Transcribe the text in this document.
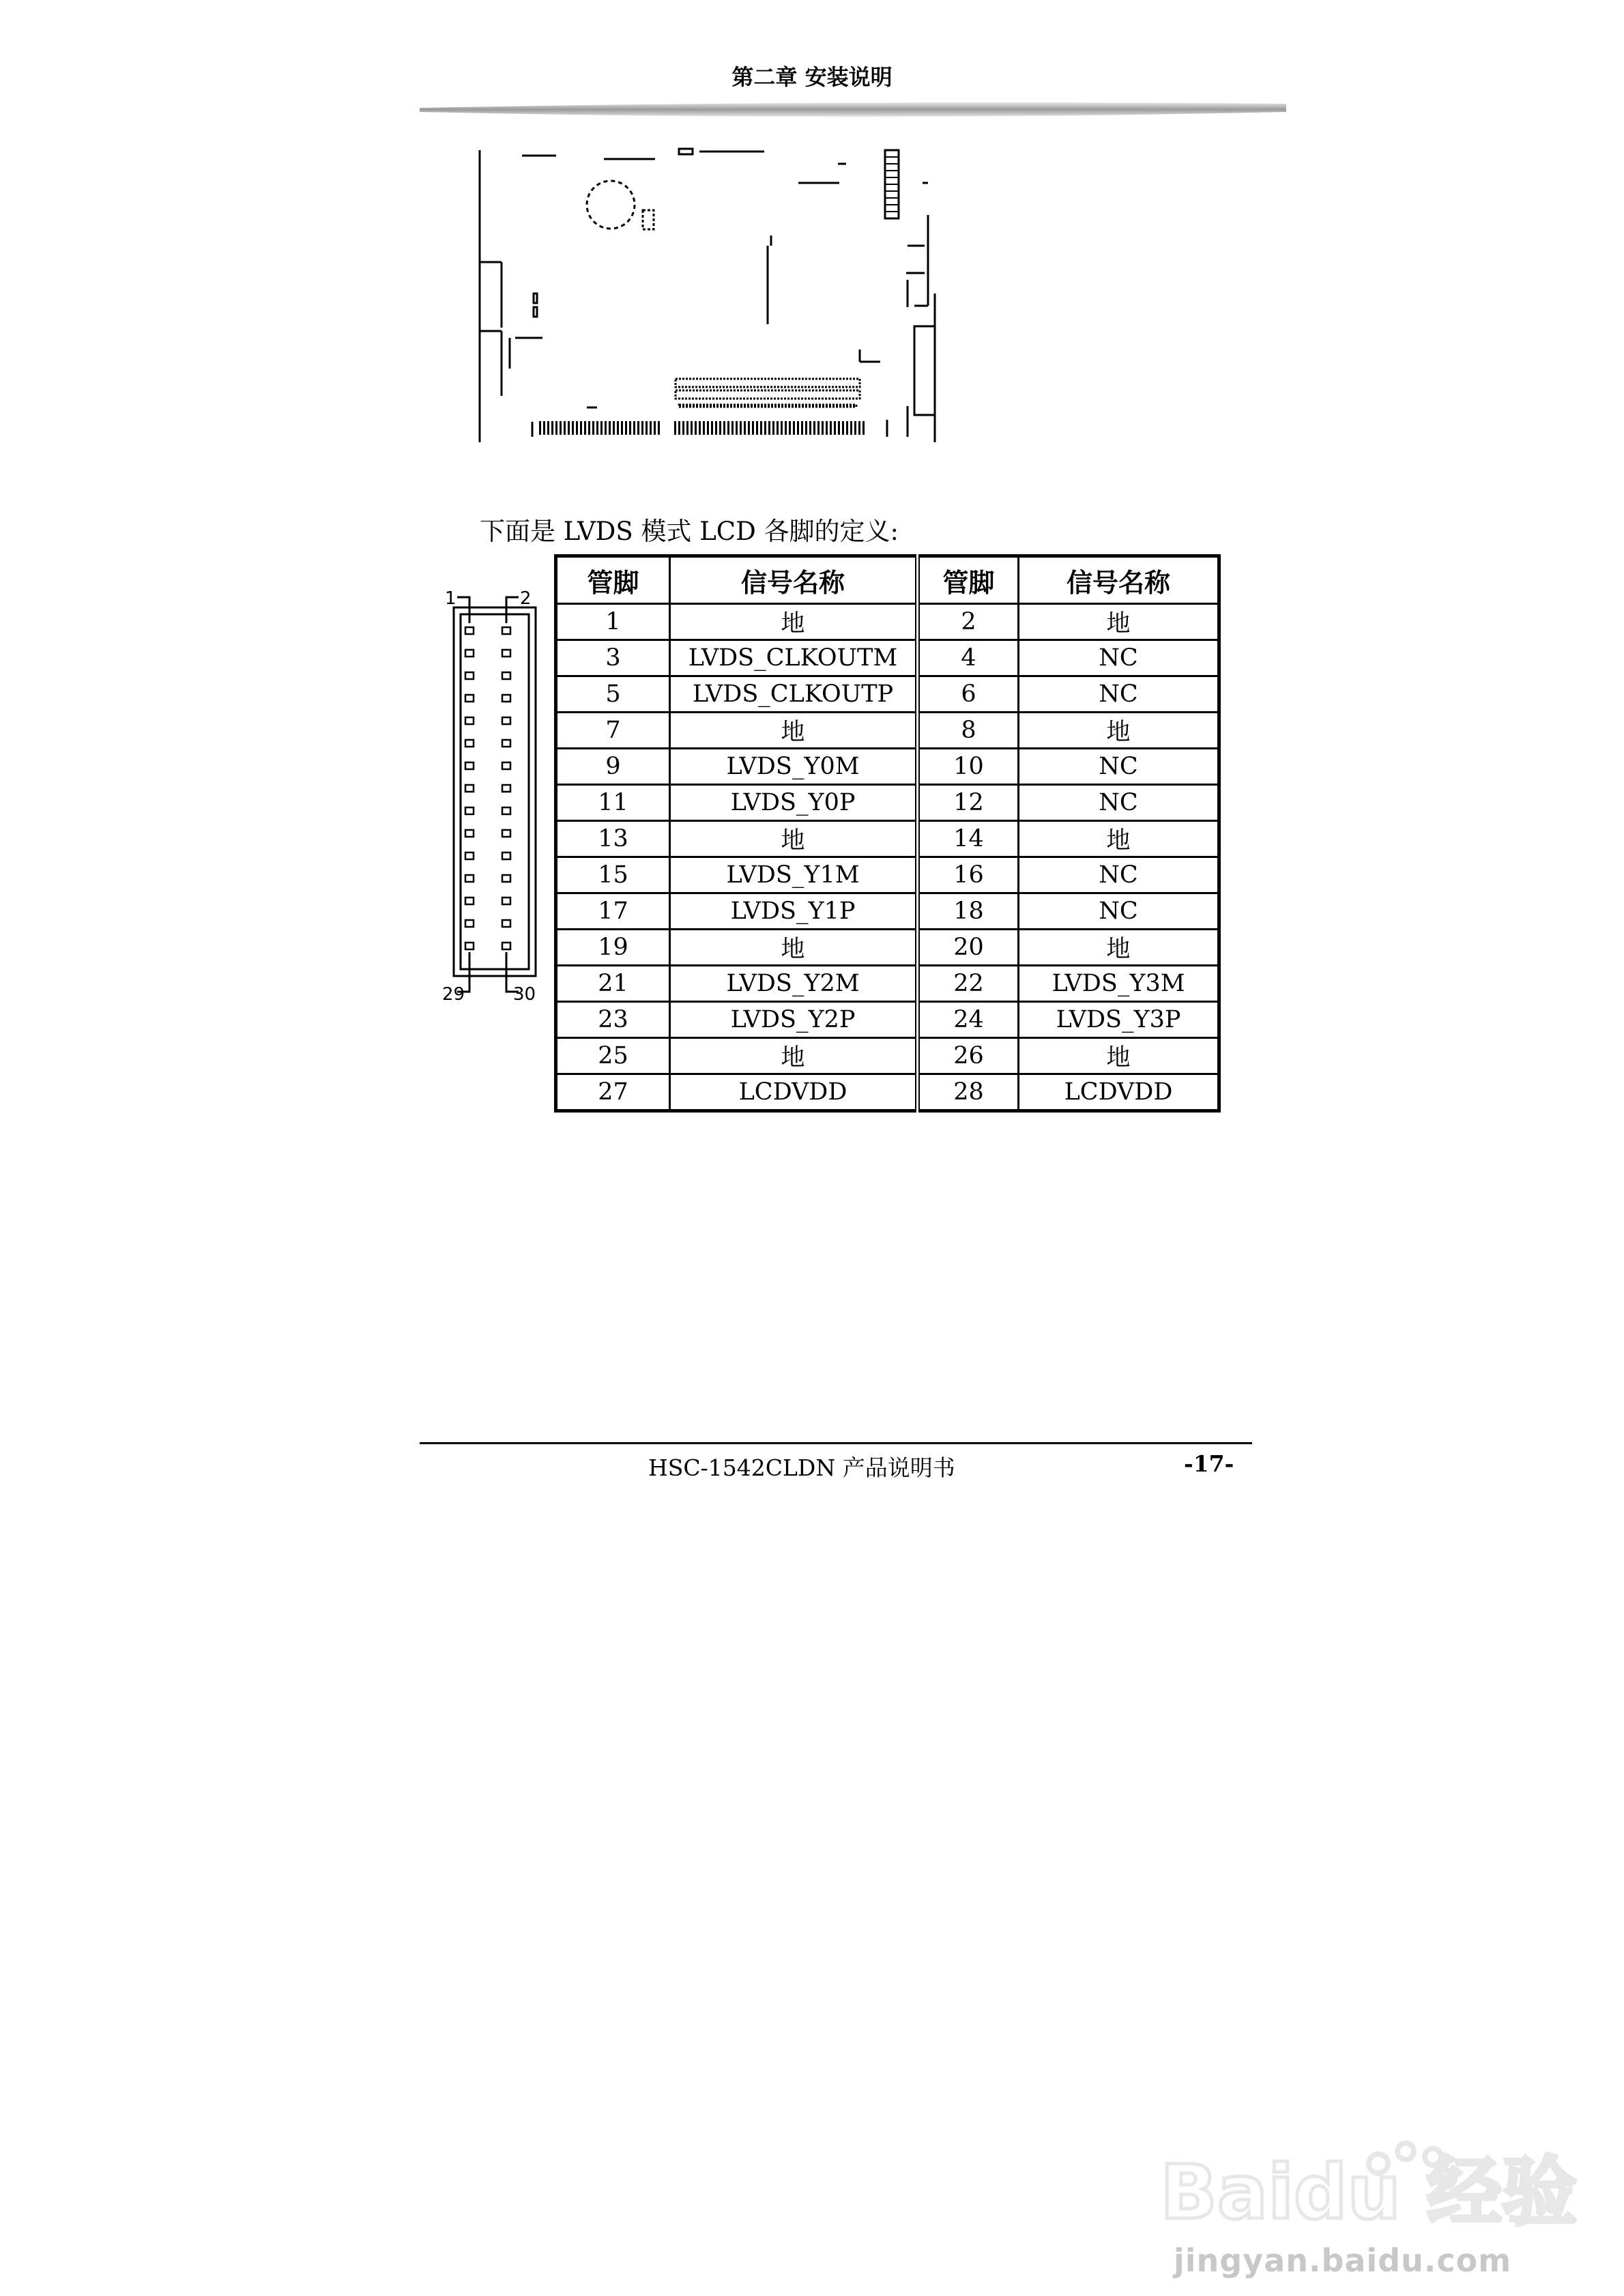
第二章 安装说明
下面是 LVDS 模式 LCD 各脚的定义:
1	2
29	30
管脚	信号名称	管脚	信号名称
1	地	2	地
3	LVDS_CLKOUTM	4	NC
5	LVDS_CLKOUTP	6	NC
7	地	8	地
9	LVDS_Y0M	10	NC
11	LVDS_Y0P	12	NC
13	地	14	地
15	LVDS_Y1M	16	NC
17	LVDS_Y1P	18	NC
19	地	20	地
21	LVDS_Y2M	22	LVDS_Y3M
23	LVDS_Y2P	24	LVDS_Y3P
25	地	26	地
27	LCDVDD	28	LCDVDD
HSC-1542CLDN 产品说明书	-17-
Baidu 经验
jingyan.baidu.com
